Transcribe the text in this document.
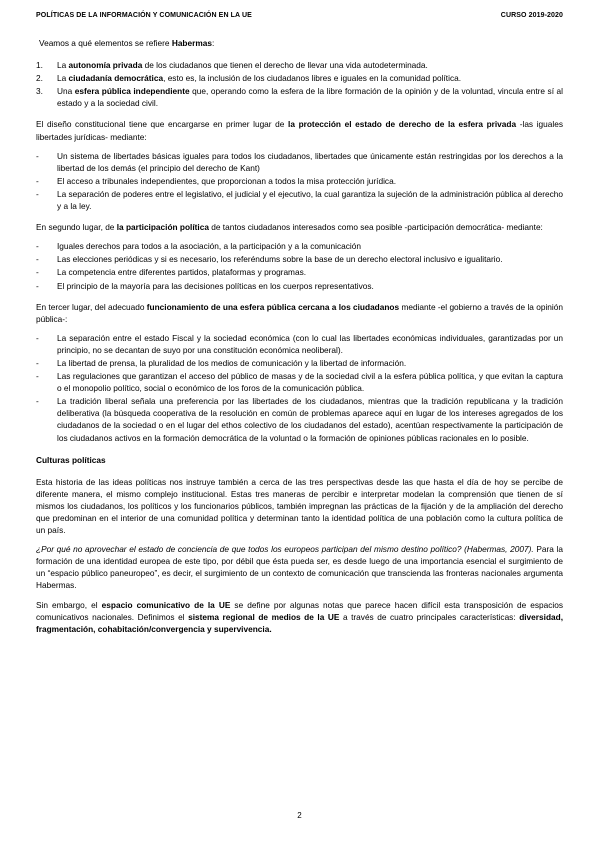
POLÍTICAS DE LA INFORMACIÓN Y COMUNICACIÓN EN LA UE	CURSO 2019-2020

Veamos a qué elementos se refiere Habermas:

1. La autonomía privada de los ciudadanos que tienen el derecho de llevar una vida autodeterminada.
2. La ciudadanía democrática, esto es, la inclusión de los ciudadanos libres e iguales en la comunidad política.
3. Una esfera pública independiente que, operando como la esfera de la libre formación de la opinión y de la voluntad, vincula entre sí al estado y a la sociedad civil.

El diseño constitucional tiene que encargarse en primer lugar de la protección el estado de derecho de la esfera privada -las iguales libertades jurídicas- mediante:

- Un sistema de libertades básicas iguales para todos los ciudadanos, libertades que únicamente están restringidas por los derechos a la libertad de los demás (el principio del derecho de Kant)
- El acceso a tribunales independientes, que proporcionan a todos la misa protección jurídica.
- La separación de poderes entre el legislativo, el judicial y el ejecutivo, la cual garantiza la sujeción de la administración pública al derecho y a la ley.

En segundo lugar, de la participación política de tantos ciudadanos interesados como sea posible -participación democrática- mediante:

- Iguales derechos para todos a la asociación, a la participación y a la comunicación
- Las elecciones periódicas y si es necesario, los referéndums sobre la base de un derecho electoral inclusivo e igualitario.
- La competencia entre diferentes partidos, plataformas y programas.
- El principio de la mayoría para las decisiones políticas en los cuerpos representativos.

En tercer lugar, del adecuado funcionamiento de una esfera pública cercana a los ciudadanos mediante -el gobierno a través de la opinión pública-:

- La separación entre el estado Fiscal y la sociedad económica (con lo cual las libertades económicas individuales, garantizadas por un principio, no se decantan de suyo por una constitución económica neoliberal).
- La libertad de prensa, la pluralidad de los medios de comunicación y la libertad de información.
- Las regulaciones que garantizan el acceso del público de masas y de la sociedad civil a la esfera pública política, y que evitan la captura o el monopolio político, social o económico de los foros de la comunicación pública.
- La tradición liberal señala una preferencia por las libertades de los ciudadanos, mientras que la tradición republicana y la tradición deliberativa (la búsqueda cooperativa de la resolución en común de problemas aparece aquí en lugar de los intereses agregados de los ciudadanos de la sociedad o en el lugar del ethos colectivo de los ciudadanos del estado), acentúan respectivamente la participación de los ciudadanos activos en la formación democrática de la voluntad o la formación de opiniones públicas racionales en lo posible.
Culturas políticas

Esta historia de las ideas políticas nos instruye también a cerca de las tres perspectivas desde las que hasta el día de hoy se percibe de diferente manera, el mismo complejo institucional. Estas tres maneras de percibir e interpretar modelan la comprensión que tienen de sí mismos los ciudadanos, los políticos y los funcionarios públicos, también impregnan las prácticas de la fijación y de la ampliación del derecho que predominan en el interior de una comunidad política y determinan tanto la identidad política de una población como la cultura política de un país.

¿Por qué no aprovechar el estado de conciencia de que todos los europeos participan del mismo destino político? (Habermas, 2007). Para la formación de una identidad europea de este tipo, por débil que ésta pueda ser, es desde luego de una importancia esencial el surgimiento de un “espacio público paneuropeo”, es decir, el surgimiento de un contexto de comunicación que transcienda las fronteras nacionales argumenta Habermas.

Sin embargo, el espacio comunicativo de la UE se define por algunas notas que parece hacen difícil esta transposición de espacios comunicativos nacionales. Definimos el sistema regional de medios de la UE a través de cuatro principales características: diversidad, fragmentación, cohabitación/convergencia y supervivencia.

2
